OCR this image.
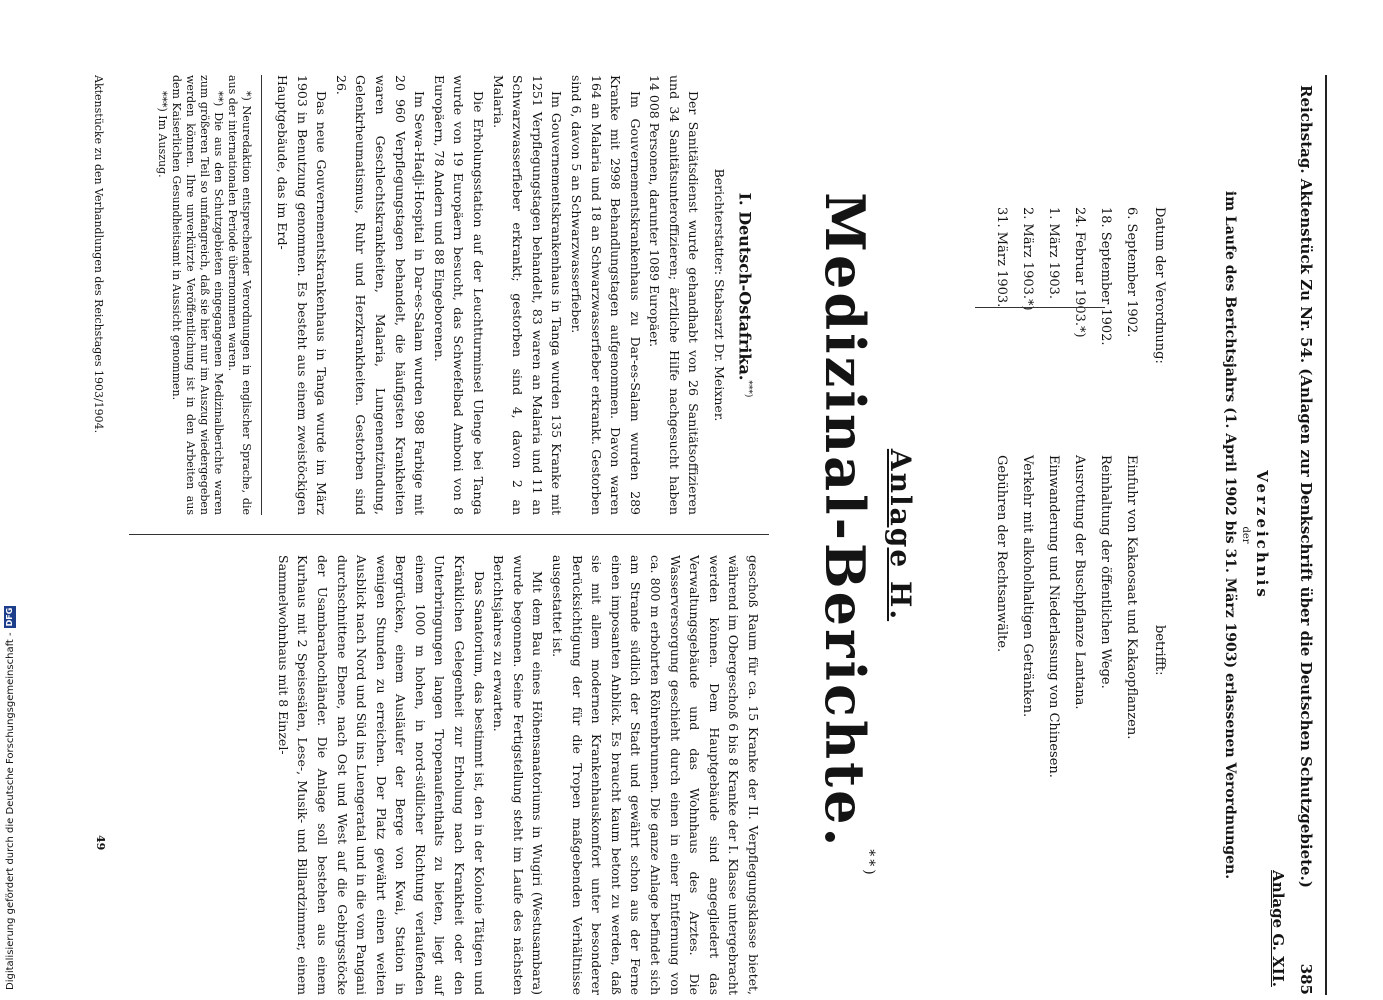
Reichstag. Aktenstück Zu Nr. 54. (Anlagen zur Denkschrift über die Deutschen Schutzgebiete.)
385
Anlage G. XII.
Verzeichnis
der
im Laufe des Berichtsjahrs (1. April 1902 bis 31. März 1903) erlassenen Verordnungen.
Datum der Verordnung:
betrifft:
6. September 1902.
Einfuhr von Kakaosaat und Kakaopflanzen.
18. September 1902.
Reinhaltung der öffentlichen Wege.
24. Februar 1903.*)
Ausrottung der Buschpflanze Lantana.
1. März 1903.
Einwanderung und Niederlassung von Chinesen.
2. März 1903.*)
Verkehr mit alkoholhaltigen Getränken.
31. März 1903.
Gebühren der Rechtsanwälte.
Anlage H.
Medizinal-Berichte.**)
I. Deutsch-Ostafrika.***)
Berichterstatter: Stabsarzt Dr. Meixner.

Der Sanitätsdienst wurde gehandhabt von 26 Sanitätsoffizieren und 34 Sanitätsunteroffizieren; ärztliche Hilfe nachgesucht haben 14 008 Personen, darunter 1089 Europäer.

Im Gouvernementskrankenhaus zu Dar-es-Salam wurden 289 Kranke mit 2998 Behandlungstagen aufgenommen. Davon waren 164 an Malaria und 18 an Schwarzwasserfieber erkrankt. Gestorben sind 6, davon 5 an Schwarzwasserfieber.

Im Gouvernementskrankenhaus in Tanga wurden 135 Kranke mit 1251 Verpflegungstagen behandelt, 83 waren an Malaria und 11 an Schwarzwasserfieber erkrankt; gestorben sind 4, davon 2 an Malaria.

Die Erholungsstation auf der Leuchtturminsel Ulenge bei Tanga wurde von 19 Europäern besucht, das Schwefelbad Amboni von 8 Europäern, 78 Andern und 88 Eingeborenen.

Im Sewa-Hadji-Hospital in Dar-es-Salam wurden 988 Farbige mit 20 960 Verpflegungstagen behandelt, die häufigsten Krankheiten waren Geschlechtskrankheiten, Malaria, Lungenentzündung, Gelenkrheumatismus, Ruhr und Herzkrankheiten. Gestorben sind 26.

Das neue Gouvernementskrankenhaus in Tanga wurde im März 1903 in Benutzung genommen. Es besteht aus einem zweistöckigen Hauptgebäude, das im Erd-

*) Neuredaktion entsprechender Verordnungen in englischer Sprache, die aus der internationalen Periode übernommen waren.

**) Die aus den Schutzgebieten eingegangenen Medizinalberichte waren zum größeren Teil so umfangreich, daß sie hier nur im Auszug wiedergegeben werden können. Ihre unverkürzte Veröffentlichung ist in den Arbeiten aus dem Kaiserlichen Gesundheitsamt in Aussicht genommen.

***) Im Auszug.

geschoß Raum für ca. 15 Kranke der II. Verpflegungsklasse bietet, während im Obergeschoß 6 bis 8 Kranke der I. Klasse untergebracht werden können. Dem Hauptgebäude sind angegliedert das Verwaltungsgebäude und das Wohnhaus des Arztes. Die Wasserversorgung geschieht durch einen in einer Entfernung von ca. 800 m erbohrten Röhrenbrunnen. Die ganze Anlage befindet sich am Strande südlich der Stadt und gewährt schon aus der Ferne einen imposanten Anblick. Es braucht kaum betont zu werden, daß sie mit allem modernen Krankenhauskomfort unter besonderer Berücksichtigung der für die Tropen maßgebenden Verhältnisse ausgestattet ist.

Mit dem Bau eines Höhensanatoriums in Wugiri (Westusambara) wurde begonnen. Seine Fertigstellung steht im Laufe des nächsten Berichtsjahres zu erwarten.

Das Sanatorium, das bestimmt ist, den in der Kolonie Tätigen und Kränklichen Gelegenheit zur Erholung nach Krankheit oder den Unterbringungen langen Tropenaufenthalts zu bieten, liegt auf einem 1000 m hohen, in nord-südlicher Richtung verlaufenden Bergrücken, einem Ausläufer der Berge von Kwai, Station in wenigen Stunden zu erreichen. Der Platz gewährt einen weiten Ausblick nach Nord und Süd ins Luengeratal und in die vom Pangani durchschnittene Ebene, nach Ost und West auf die Gebirgsstöcke der Usambarahochländer. Die Anlage soll bestehen aus einem Kurhaus mit 2 Speisesälen, Lese-, Musik- und Billardzimmer, einem Sammelwohnhaus mit 8 Einzel-

Aktenstücke zu den Verhandlungen des Reichstages 1903/1904.
49
Digitalisierung gefördert durch die Deutsche Forschungsgemeinschaft -DFG
